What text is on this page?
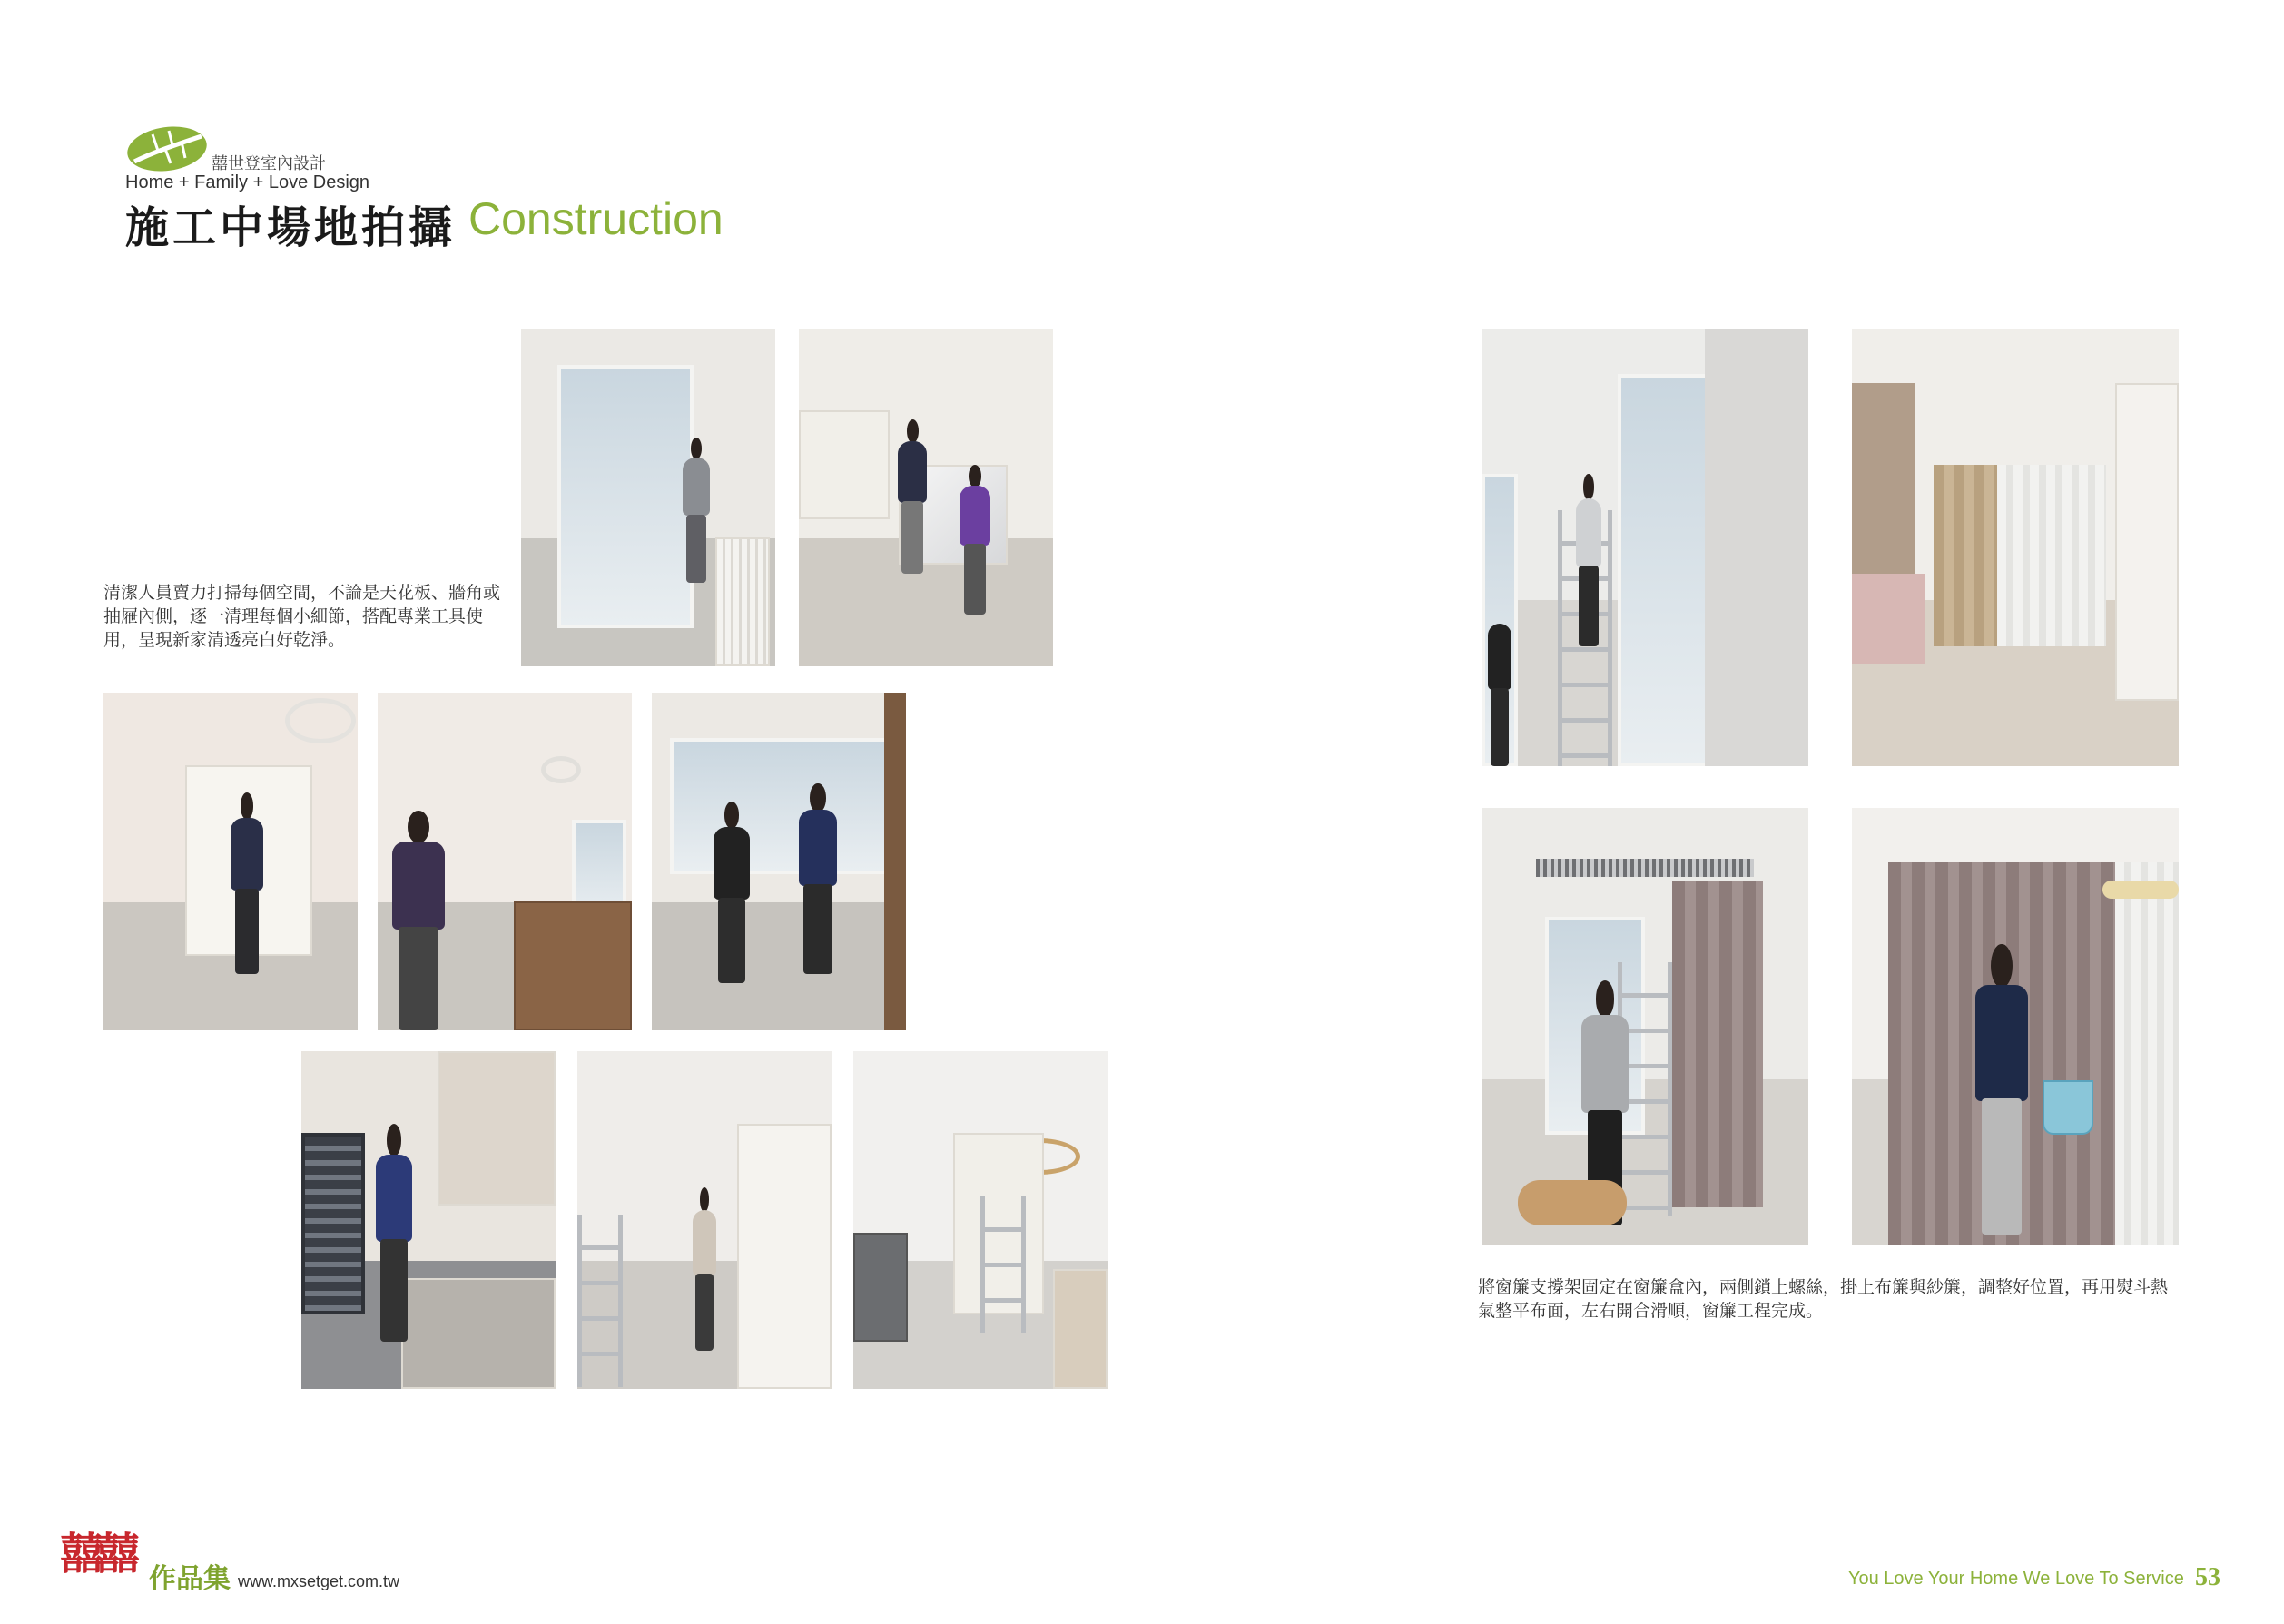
囍世登室內設計
Home + Family + Love Design
施工中場地拍攝 Construction
清潔人員賣力打掃每個空間，不論是天花板、牆角或抽屜內側，逐一清理每個小細節，搭配專業工具使用，呈現新家清透亮白好乾淨。
將窗簾支撐架固定在窗簾盒內，兩側鎖上螺絲，掛上布簾與紗簾，調整好位置，再用熨斗熱氣整平布面，左右開合滑順，窗簾工程完成。
囍囍 作品集 www.mxsetget.com.tw	You Love Your Home We Love To Service 53
